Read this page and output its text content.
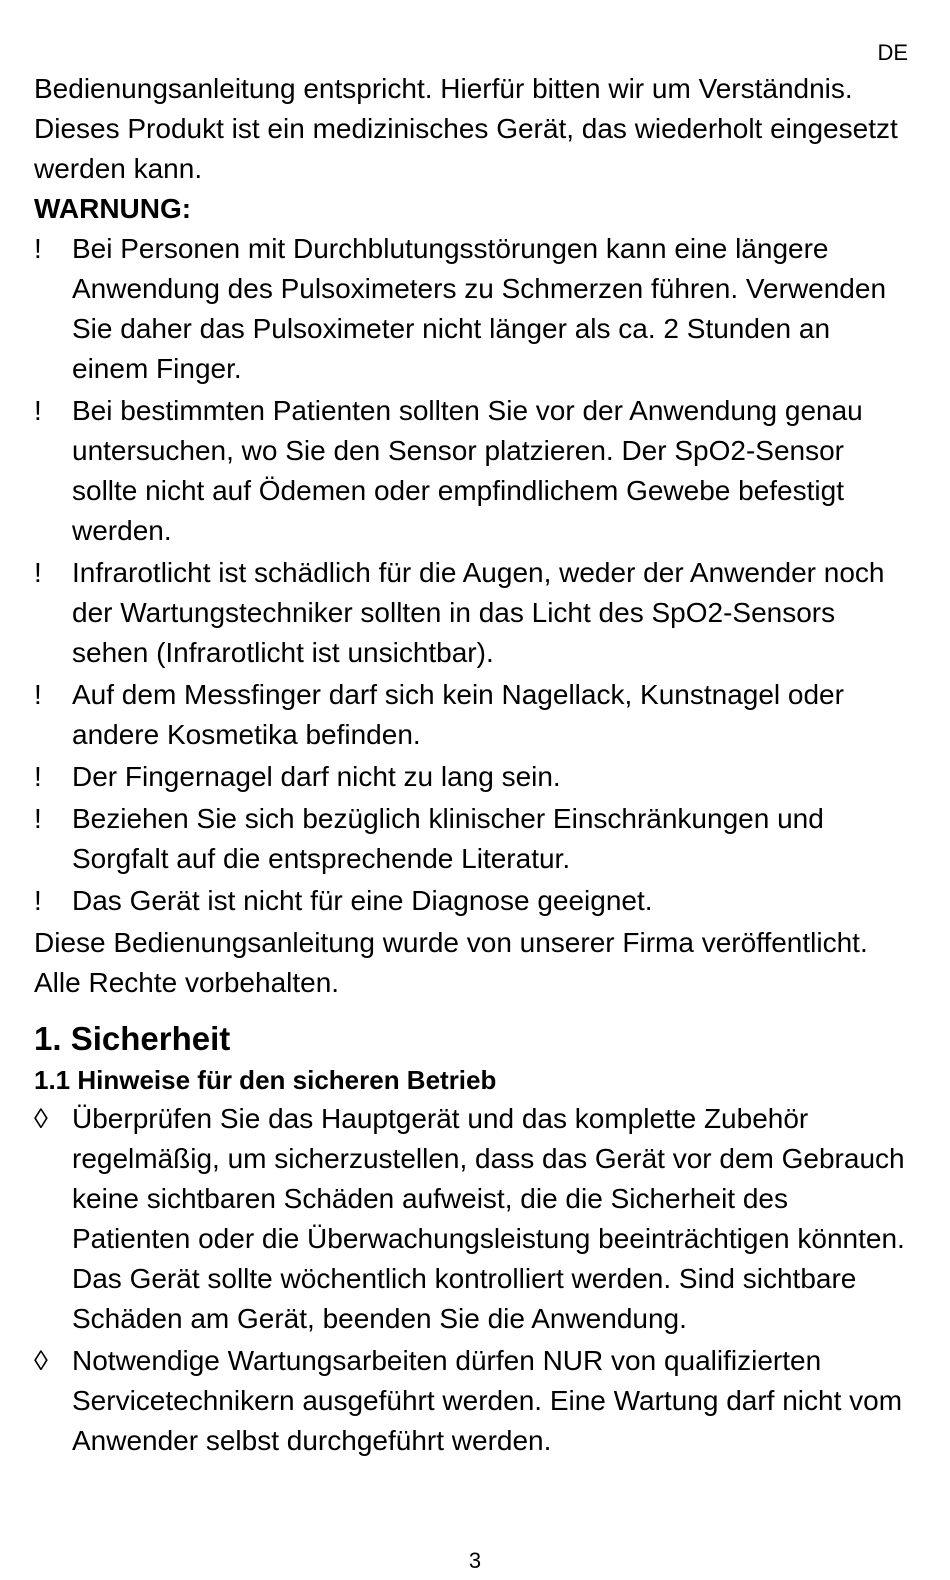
DE

Bedienungsanleitung entspricht. Hierfür bitten wir um Verständnis.

Dieses Produkt ist ein medizinisches Gerät, das wiederholt eingesetzt werden kann.

WARNUNG:

!	Bei Personen mit Durchblutungsstörungen kann eine längere Anwendung des Pulsoximeters zu Schmerzen führen. Verwenden Sie daher das Pulsoximeter nicht länger als ca. 2 Stunden an einem Finger.
!	Bei bestimmten Patienten sollten Sie vor der Anwendung genau untersuchen, wo Sie den Sensor platzieren. Der SpO2-Sensor sollte nicht auf Ödemen oder empfindlichem Gewebe befestigt werden.
!	Infrarotlicht ist schädlich für die Augen, weder der Anwender noch der Wartungstechniker sollten in das Licht des SpO2-Sensors sehen (Infrarotlicht ist unsichtbar).
!	Auf dem Messfinger darf sich kein Nagellack, Kunstnagel oder andere Kosmetika befinden.
!	Der Fingernagel darf nicht zu lang sein.
!	Beziehen Sie sich bezüglich klinischer Einschränkungen und Sorgfalt auf die entsprechende Literatur.
!	Das Gerät ist nicht für eine Diagnose geeignet.

Diese Bedienungsanleitung wurde von unserer Firma veröffentlicht. Alle Rechte vorbehalten.

1. Sicherheit
1.1 Hinweise für den sicheren Betrieb
◊ Überprüfen Sie das Hauptgerät und das komplette Zubehör regelmäßig, um sicherzustellen, dass das Gerät vor dem Gebrauch keine sichtbaren Schäden aufweist, die die Sicherheit des Patienten oder die Überwachungsleistung beeinträchtigen könnten. Das Gerät sollte wöchentlich kontrolliert werden. Sind sichtbare Schäden am Gerät, beenden Sie die Anwendung.
◊ Notwendige Wartungsarbeiten dürfen NUR von qualifizierten Servicetechnikern ausgeführt werden. Eine Wartung darf nicht vom Anwender selbst durchgeführt werden.
3
